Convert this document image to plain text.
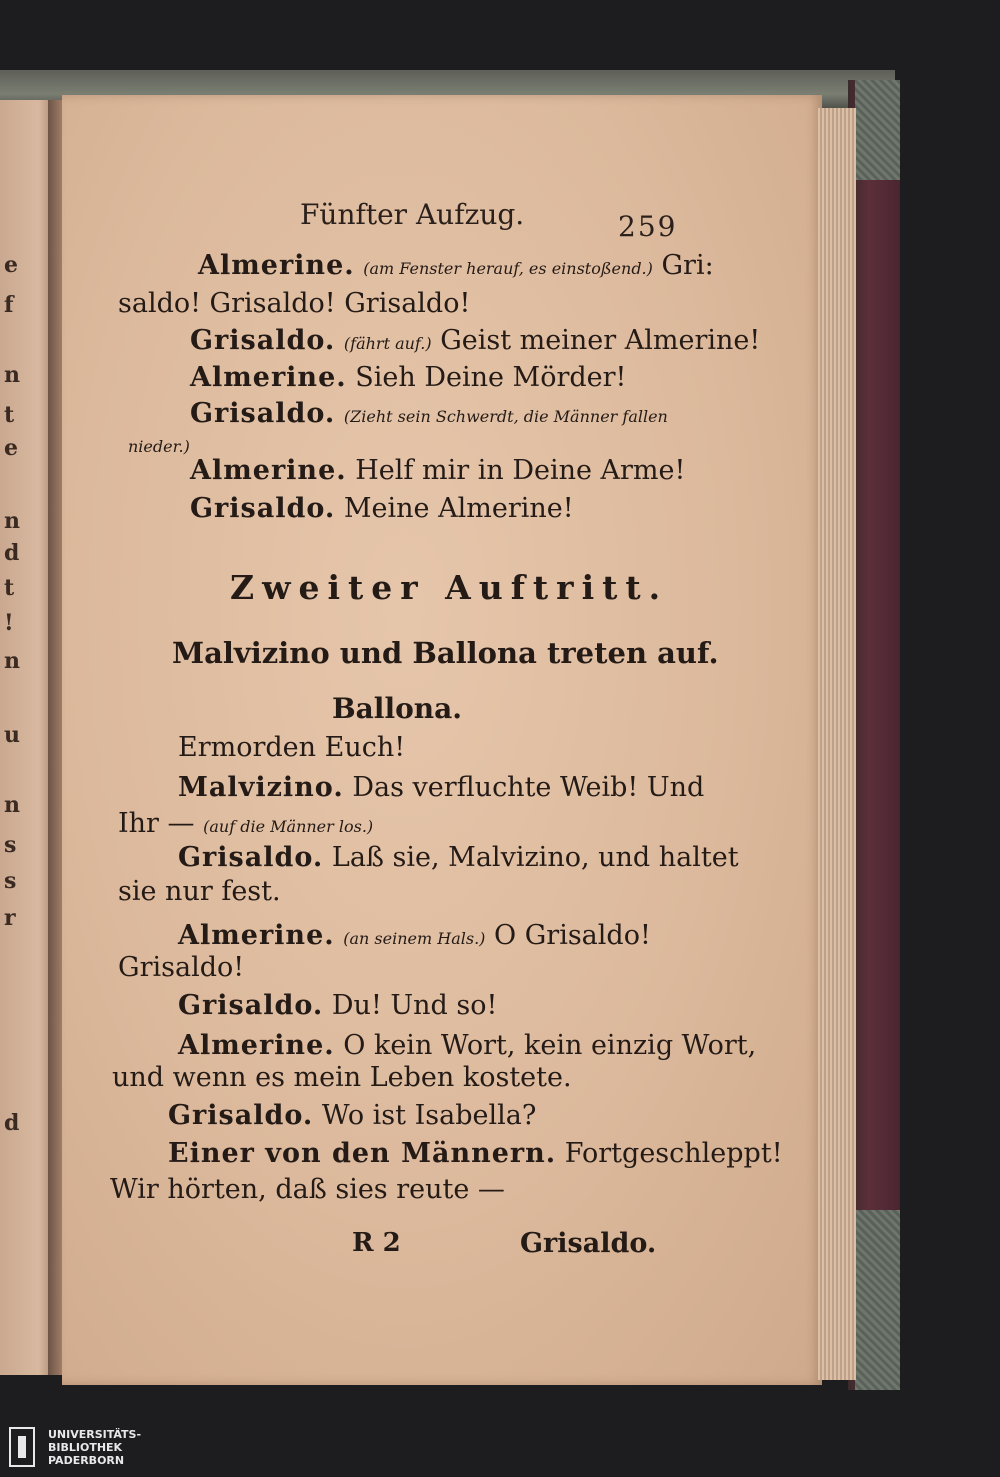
e
f
n
t
e
n
d
t
!
n
u
n
s
s
r
d
Fünfter Aufzug.	259
Almerine. (am Fenster herauf, es einstoßend.) Gri:
saldo! Grisaldo! Grisaldo!
Grisaldo. (fährt auf.) Geist meiner Almerine!
Almerine. Sieh Deine Mörder!
Grisaldo. (Zieht sein Schwerdt, die Männer fallen
nieder.)
Almerine. Helf mir in Deine Arme!
Grisaldo. Meine Almerine!
Zweiter Auftritt.
Malvizino und Ballona treten auf.
Ballona.
Ermorden Euch!
Malvizino. Das verfluchte Weib! Und
Ihr — (auf die Männer los.)
Grisaldo. Laß sie, Malvizino, und haltet
sie nur fest.
Almerine. (an seinem Hals.) O Grisaldo!
Grisaldo!
Grisaldo. Du! Und so!
Almerine. O kein Wort, kein einzig Wort,
und wenn es mein Leben kostete.
Grisaldo. Wo ist Isabella?
Einer von den Männern. Fortgeschleppt!
Wir hörten, daß sies reute —
R 2	Grisaldo.
UNIVERSITÄTS-
BIBLIOTHEK
PADERBORN
